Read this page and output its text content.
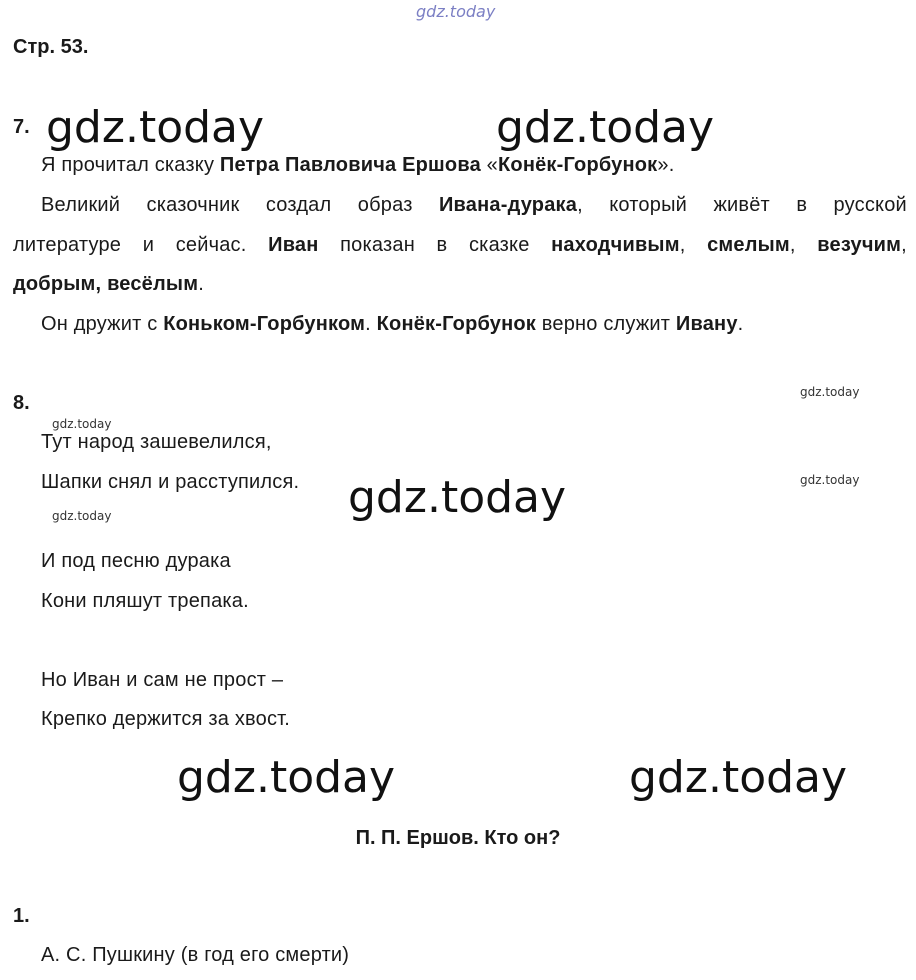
gdz.today
Стр. 53.
7. gdz.today	gdz.today
Я прочитал сказку Петра Павловича Ершова «Конёк-Горбунок».
Великий сказочник создал образ Ивана-дурака, который живёт в русской
литературе и сейчас. Иван показан в сказке находчивым, смелым, везучим,
добрым, весёлым.
Он дружит с Коньком-Горбунком. Конёк-Горбунок верно служит Ивану.
8.	gdz.today
gdz.today
Тут народ зашевелился,
Шапки снял и расступился.	gdz.today
gdz.today
gdz.today
И под песню дурака
Кони пляшут трепака.
Но Иван и сам не прост –
Крепко держится за хвост.
gdz.today	gdz.today
П. П. Ершов. Кто он?
1.
А. С. Пушкину (в год его смерти)
